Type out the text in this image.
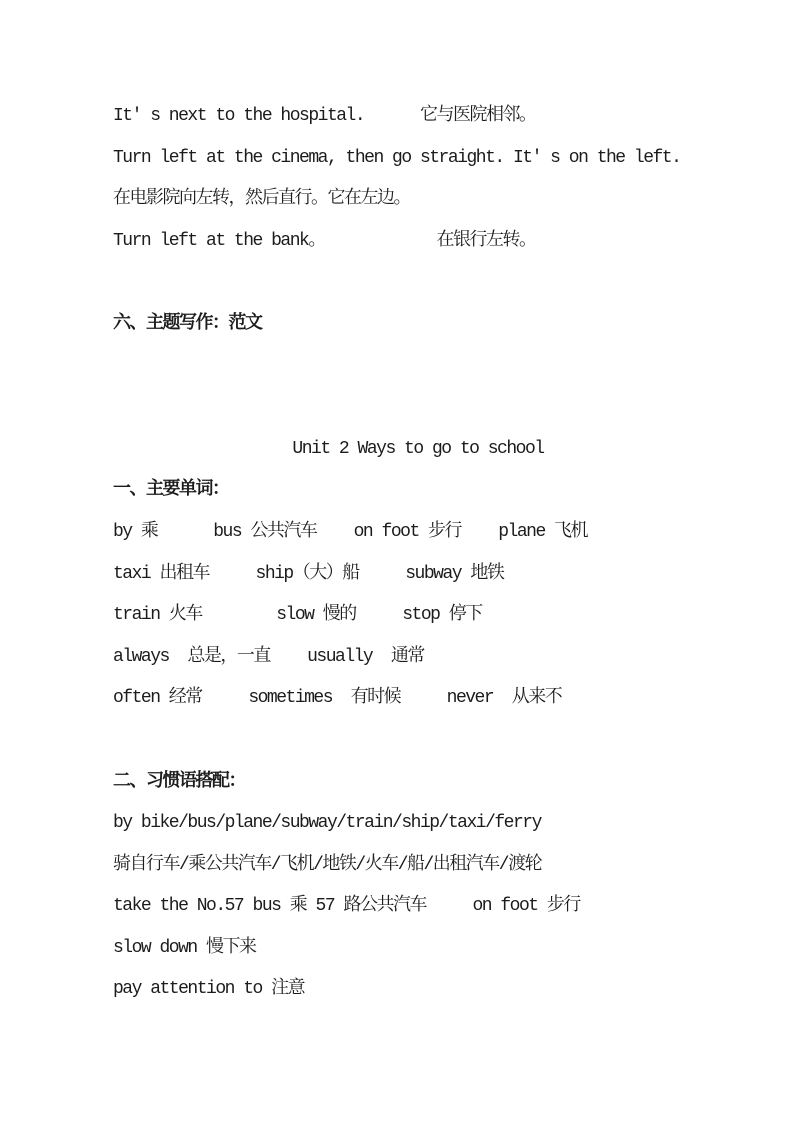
It' s next to the hospital.      它与医院相邻。
Turn left at the cinema, then go straight. It' s on the left.
在电影院向左转，然后直行。它在左边。
Turn left at the bank。            在银行左转。
六、主题写作：范文
Unit 2 Ways to go to school
一、主要单词：
by 乘      bus 公共汽车    on foot 步行    plane 飞机
taxi 出租车     ship（大）船     subway 地铁
train 火车        slow 慢的     stop 停下
always  总是，一直    usually  通常
often 经常     sometimes  有时候     never  从来不
二、习惯语搭配：
by bike/bus/plane/subway/train/ship/taxi/ferry
骑自行车/乘公共汽车/飞机/地铁/火车/船/出租汽车/渡轮
take the No.57 bus 乘 57 路公共汽车     on foot 步行
slow down 慢下来
pay attention to 注意
